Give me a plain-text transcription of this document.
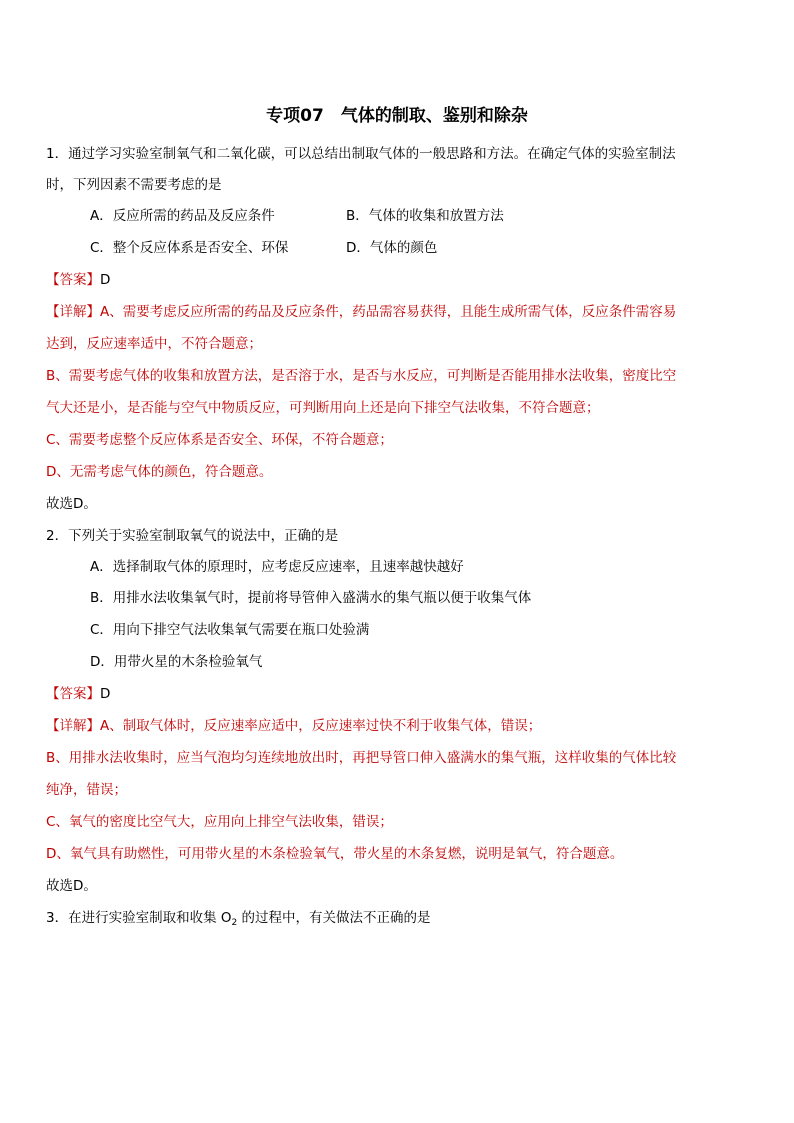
专项07　气体的制取、鉴别和除杂
1．通过学习实验室制氧气和二氧化碳，可以总结出制取气体的一般思路和方法。在确定气体的实验室制法
时，下列因素不需要考虑的是
A．反应所需的药品及反应条件	B．气体的收集和放置方法
C．整个反应体系是否安全、环保	D．气体的颜色
【答案】D
【详解】A、需要考虑反应所需的药品及反应条件，药品需容易获得，且能生成所需气体，反应条件需容易
达到，反应速率适中，不符合题意；
B、需要考虑气体的收集和放置方法，是否溶于水，是否与水反应，可判断是否能用排水法收集，密度比空
气大还是小，是否能与空气中物质反应，可判断用向上还是向下排空气法收集，不符合题意；
C、需要考虑整个反应体系是否安全、环保，不符合题意；
D、无需考虑气体的颜色，符合题意。
故选D。
2．下列关于实验室制取氧气的说法中，正确的是
A．选择制取气体的原理时，应考虑反应速率，且速率越快越好
B．用排水法收集氧气时，提前将导管伸入盛满水的集气瓶以便于收集气体
C．用向下排空气法收集氧气需要在瓶口处验满
D．用带火星的木条检验氧气
【答案】D
【详解】A、制取气体时，反应速率应适中，反应速率过快不利于收集气体，错误；
B、用排水法收集时，应当气泡均匀连续地放出时，再把导管口伸入盛满水的集气瓶，这样收集的气体比较
纯净，错误；
C、氧气的密度比空气大，应用向上排空气法收集，错误；
D、氧气具有助燃性，可用带火星的木条检验氧气，带火星的木条复燃，说明是氧气，符合题意。
故选D。
3．在进行实验室制取和收集 $O_2$ 的过程中，有关做法不正确的是
